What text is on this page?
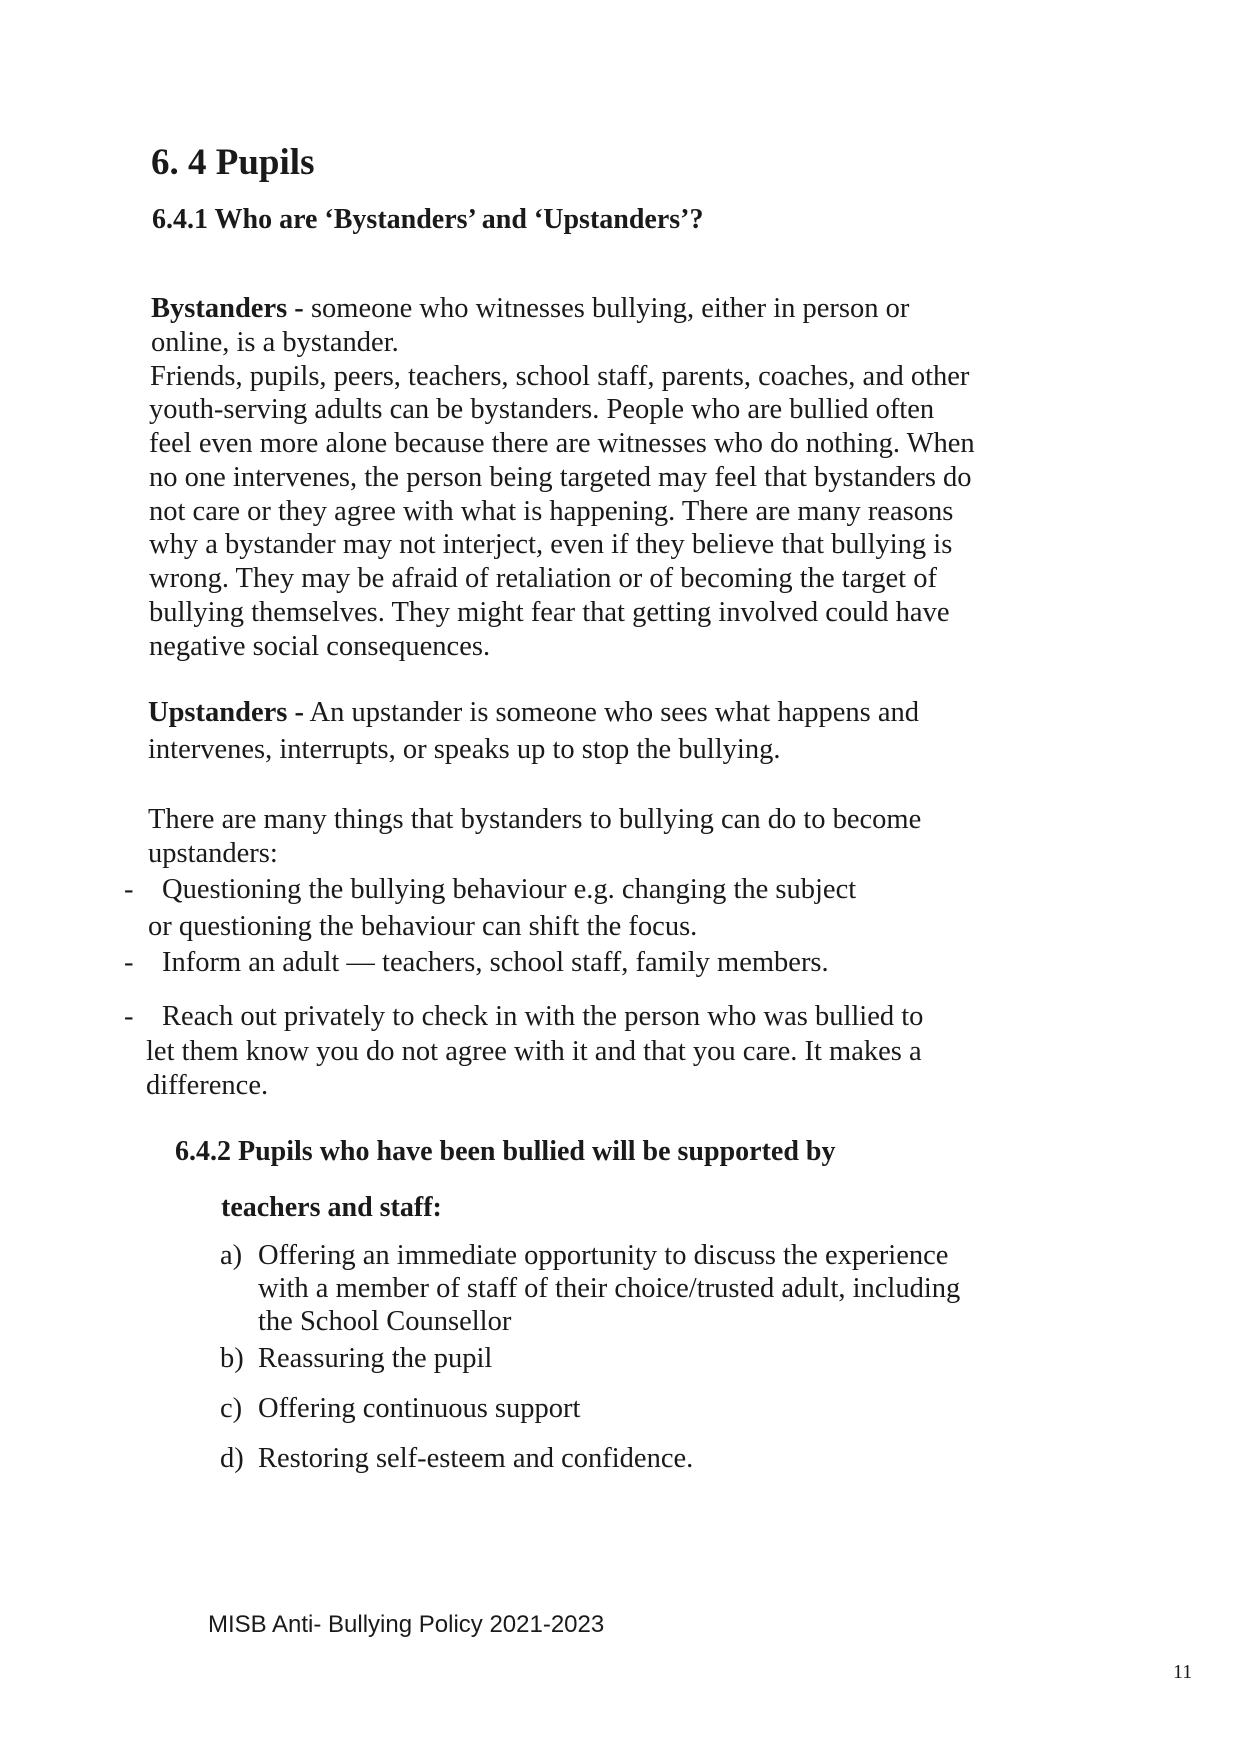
6. 4 Pupils
6.4.1 Who are ‘Bystanders’ and ‘Upstanders’?
Bystanders - someone who witnesses bullying, either in person or
online, is a bystander.
Friends, pupils, peers, teachers, school staff, parents, coaches, and other
youth-serving adults can be bystanders. People who are bullied often
feel even more alone because there are witnesses who do nothing. When
no one intervenes, the person being targeted may feel that bystanders do
not care or they agree with what is happening. There are many reasons
why a bystander may not interject, even if they believe that bullying is
wrong. They may be afraid of retaliation or of becoming the target of
bullying themselves. They might fear that getting involved could have
negative social consequences.
Upstanders - An upstander is someone who sees what happens and
intervenes, interrupts, or speaks up to stop the bullying.
There are many things that bystanders to bullying can do to become
upstanders:
- Questioning the bullying behaviour e.g. changing the subject
or questioning the behaviour can shift the focus.
- Inform an adult — teachers, school staff, family members.
- Reach out privately to check in with the person who was bullied to
let them know you do not agree with it and that you care. It makes a
difference.
6.4.2 Pupils who have been bullied will be supported by
teachers and staff:
a) Offering an immediate opportunity to discuss the experience
with a member of staff of their choice/trusted adult, including
the School Counsellor
b) Reassuring the pupil
c) Offering continuous support
d) Restoring self-esteem and confidence.
MISB Anti- Bullying Policy 2021-2023
11
